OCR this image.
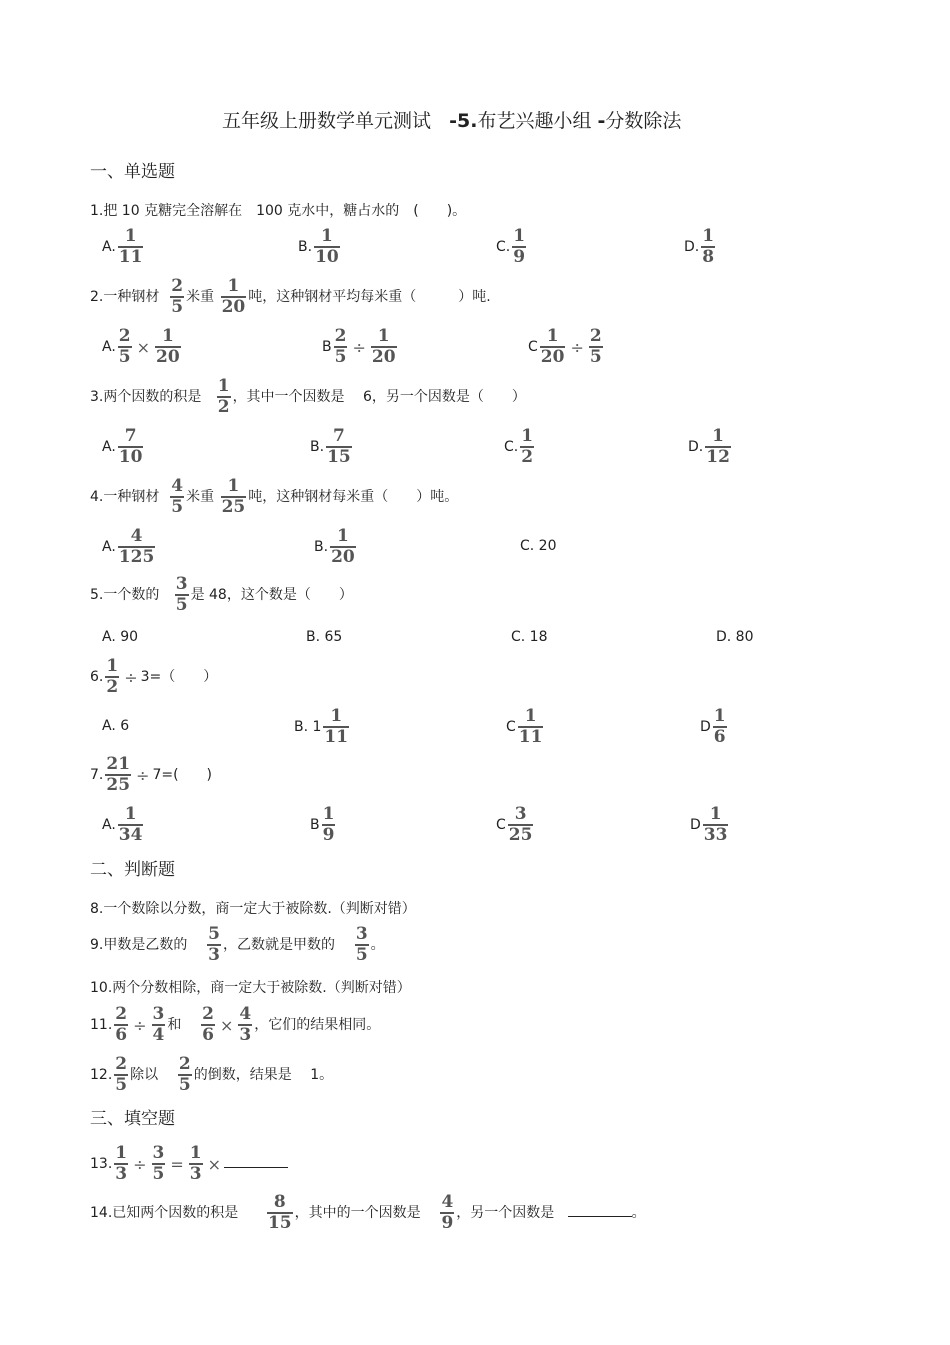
五年级上册数学单元测试 -5.布艺兴趣小组 -分数除法
一、单选题
1.把 10 克糖完全溶解在　100 克水中，糖占水的　(　　)。
A. $\frac{1}{11}$	B. $\frac{1}{10}$	C. $\frac{1}{9}$	D. $\frac{1}{8}$
2.一种钢材 $\frac{2}{5}$ 米重 $\frac{1}{20}$ 吨，这种钢材平均每米重（　　　）吨.
A. $\frac{2}{5} \times \frac{1}{20}$	B $\frac{2}{5} \div \frac{1}{20}$	C $\frac{1}{20} \div \frac{2}{5}$
3.两个因数的积是 $\frac{1}{2}$ ，其中一个因数是　 6，另一个因数是（　　）
A. $\frac{7}{10}$	B. $\frac{7}{15}$	C. $\frac{1}{2}$	D. $\frac{1}{12}$
4.一种钢材 $\frac{4}{5}$ 米重 $\frac{1}{25}$ 吨，这种钢材每米重（　　）吨。
A. $\frac{4}{125}$	B. $\frac{1}{20}$	C. 20
5.一个数的 $\frac{3}{5}$ 是 48，这个数是（　　）
A. 90	B. 65	C. 18	D. 80
6. $\frac{1}{2} \div 3=$（　　）
A. 6	B. $1 \frac{1}{11}$	C $\frac{1}{11}$	D $\frac{1}{6}$
7. $\frac{21}{25} \div 7=$(　　)
A. $\frac{1}{34}$	B $\frac{1}{9}$	C $\frac{3}{25}$	D $\frac{1}{33}$
二、判断题
8.一个数除以分数，商一定大于被除数.（判断对错）
9.甲数是乙数的 $\frac{5}{3}$ ，乙数就是甲数的 $\frac{3}{5}$ 。
10.两个分数相除，商一定大于被除数.（判断对错）
11. $\frac{2}{6} \div \frac{3}{4}$ 和 $\frac{2}{6} \times \frac{4}{3}$ ，它们的结果相同。
12. $\frac{2}{5}$ 除以 $\frac{2}{5}$ 的倒数，结果是　 1。
三、填空题
13. $\frac{1}{3} \div \frac{3}{5} = \frac{1}{3}$ ×
14.已知两个因数的积是 $\frac{8}{15}$ ，其中的一个因数是 $\frac{4}{9}$ ，另一个因数是	。
